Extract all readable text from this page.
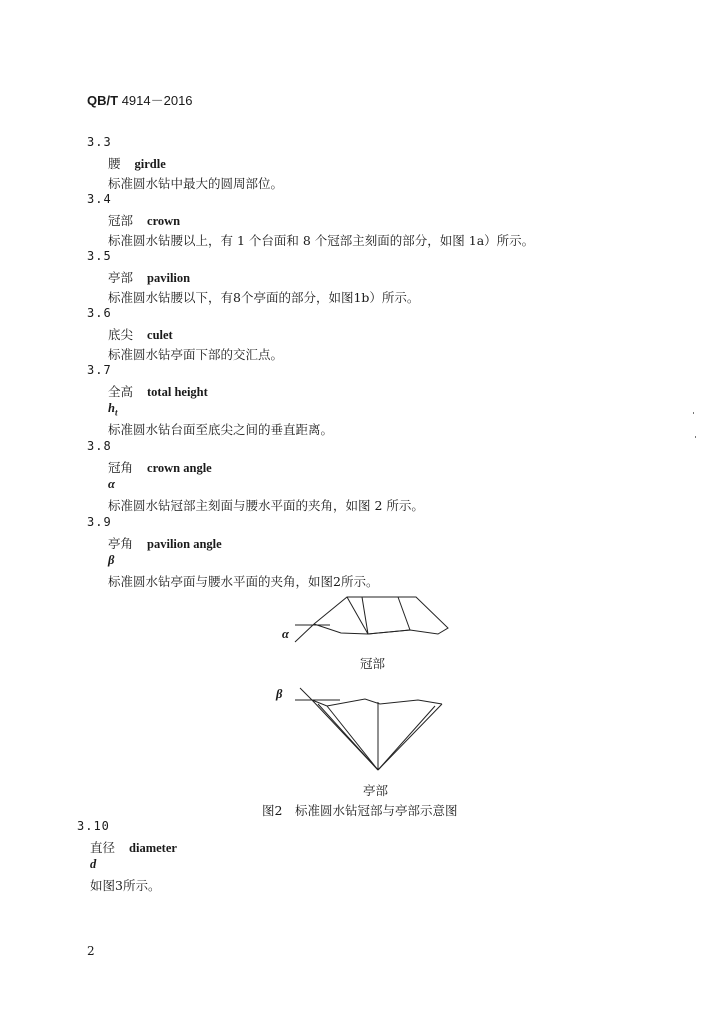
QB/T 4914－2016
3.3
腰 girdle
标准圆水钻中最大的圆周部位。
3.4
冠部 crown
标准圆水钻腰以上，有 1 个台面和 8 个冠部主刻面的部分，如图 1a）所示。
3.5
亭部 pavilion
标准圆水钻腰以下，有8个亭面的部分，如图1b）所示。
3.6
底尖 culet
标准圆水钻亭面下部的交汇点。
3.7
全高 total height
$h_t$
标准圆水钻台面至底尖之间的垂直距离。
3.8
冠角 crown angle
α
标准圆水钻冠部主刻面与腰水平面的夹角，如图 2 所示。
3.9
亭角 pavilion angle
β
标准圆水钻亭面与腰水平面的夹角，如图2所示。
α
冠部
β
亭部
图2　标准圆水钻冠部与亭部示意图
3.10
直径 diameter
d
如图3所示。
2
